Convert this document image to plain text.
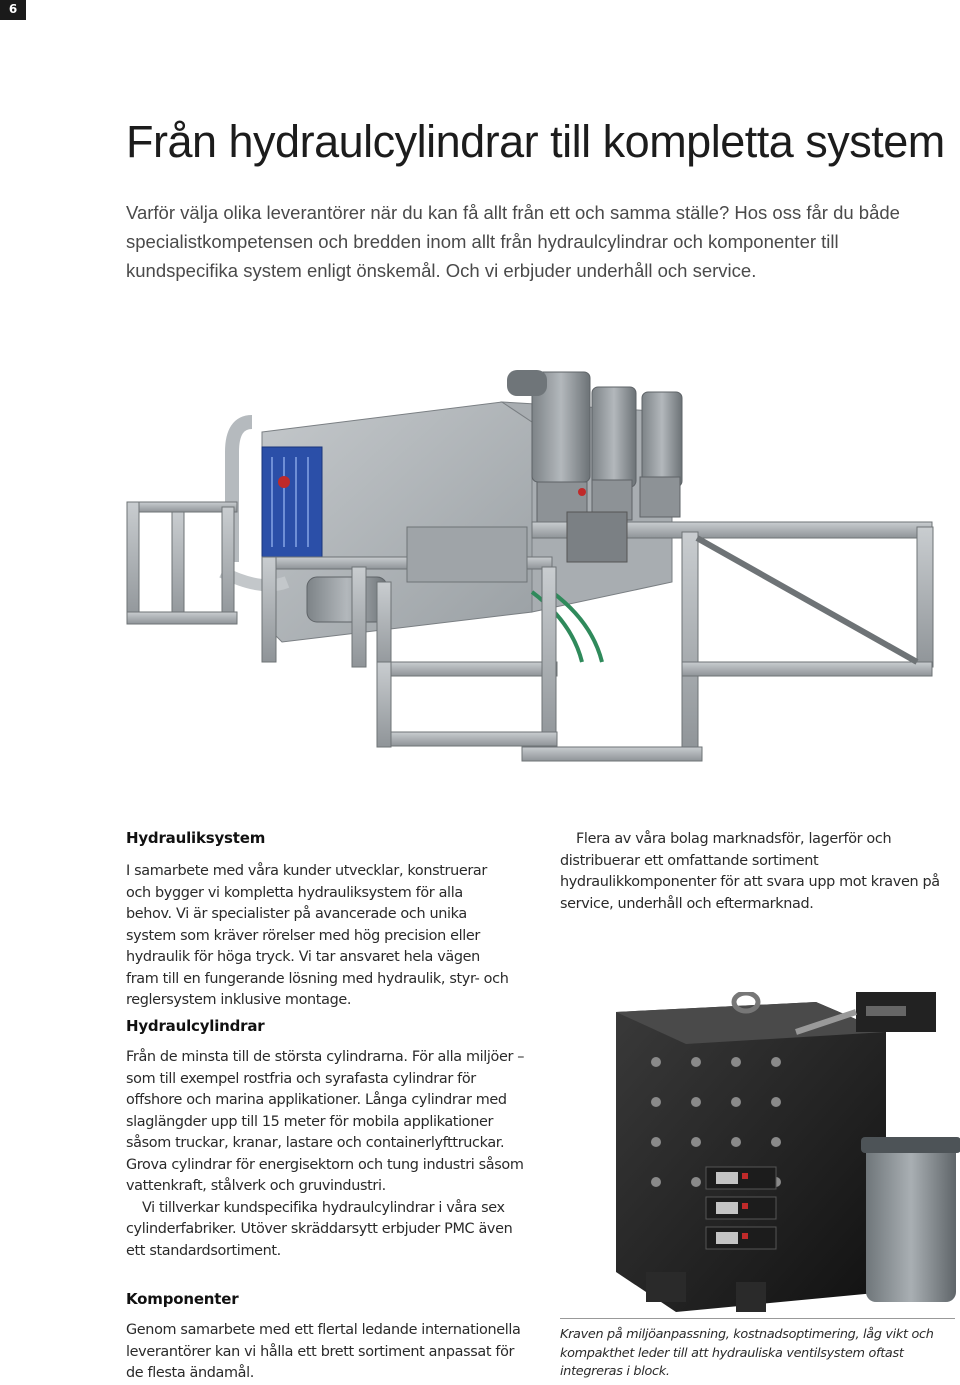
6
Från hydraulcylindrar till kompletta system

Varför välja olika leverantörer när du kan få allt från ett och samma ställe? Hos oss får du både specialistkompetensen och bredden inom allt från hydraulcylindrar och komponenter till kundspecifika system enligt önskemål. Och vi erbjuder underhåll och service.

Hydrauliksystem

I samarbete med våra kunder utvecklar, konstruerar och bygger vi kompletta hydrauliksystem för alla behov. Vi är specialister på avancerade och unika system som kräver rörelser med hög precision eller hydraulik för höga tryck. Vi tar ansvaret hela vägen fram till en fungerande lösning med hydraulik, styr- och reglersystem inklusive montage.

Hydraulcylindrar

Från de minsta till de största cylindrarna. För alla miljöer – som till exempel rostfria och syrafasta cylindrar för offshore och marina applikationer. Långa cylindrar med slaglängder upp till 15 meter för mobila applikationer såsom truckar, kranar, lastare och containerlyfttruckar. Grova cylindrar för energisektorn och tung industri såsom vattenkraft, stålverk och gruvindustri.

Vi tillverkar kundspecifika hydraulcylindrar i våra sex cylinderfabriker. Utöver skräddarsytt erbjuder PMC även ett standardsortiment.

Komponenter

Genom samarbete med ett flertal ledande internationella leverantörer kan vi hålla ett brett sortiment anpassat för de flesta ändamål.

Flera av våra bolag marknadsför, lagerför och distribuerar ett omfattande sortiment hydraulikkomponenter för att svara upp mot kraven på service, underhåll och eftermarknad.

Kraven på miljöanpassning, kostnadsoptimering, låg vikt och kompakthet leder till att hydrauliska ventilsystem oftast integreras i block.
